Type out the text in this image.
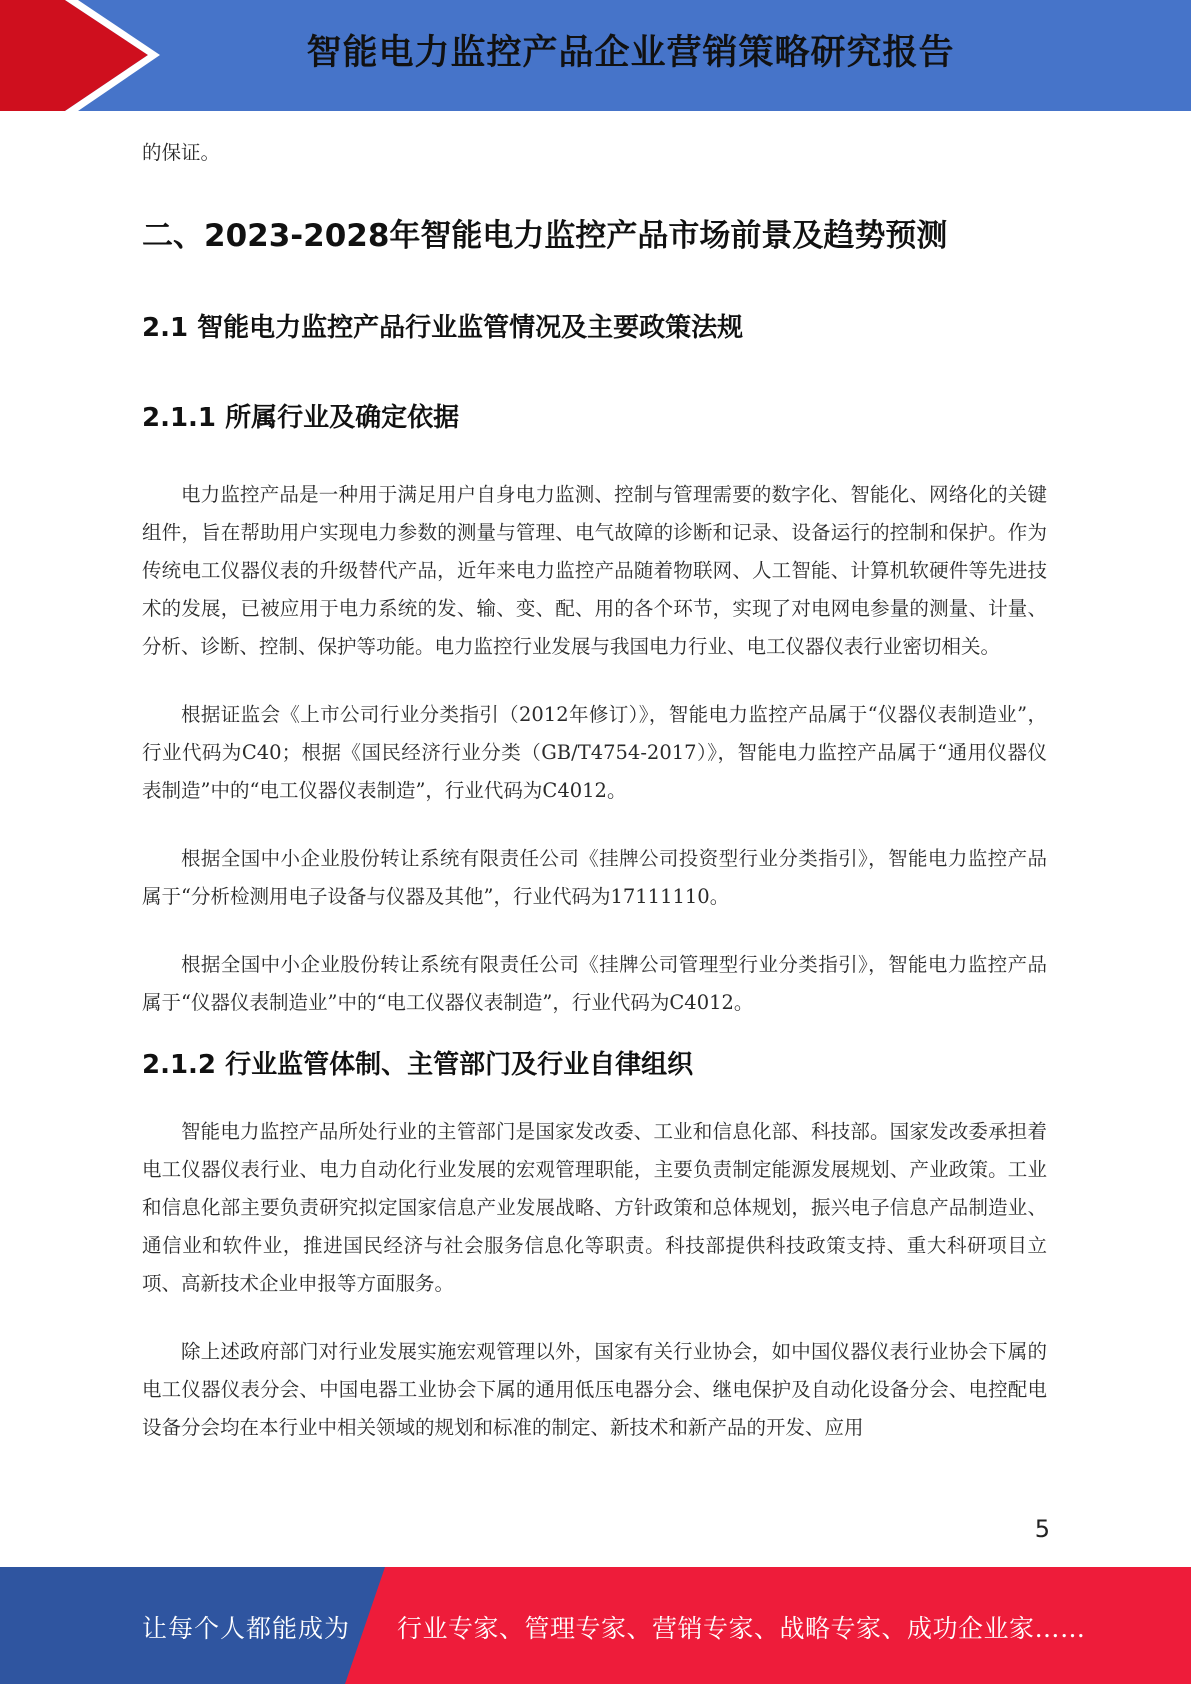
智能电力监控产品企业营销策略研究报告
的保证。
二、2023-2028年智能电力监控产品市场前景及趋势预测
2.1 智能电力监控产品行业监管情况及主要政策法规
2.1.1 所属行业及确定依据
电力监控产品是一种用于满足用户自身电力监测、控制与管理需要的数字化、智能化、网络化的关键组件，旨在帮助用户实现电力参数的测量与管理、电气故障的诊断和记录、设备运行的控制和保护。作为传统电工仪器仪表的升级替代产品，近年来电力监控产品随着物联网、人工智能、计算机软硬件等先进技术的发展，已被应用于电力系统的发、输、变、配、用的各个环节，实现了对电网电参量的测量、计量、分析、诊断、控制、保护等功能。电力监控行业发展与我国电力行业、电工仪器仪表行业密切相关。
根据证监会《上市公司行业分类指引（2012年修订）》，智能电力监控产品属于“仪器仪表制造业”，行业代码为C40；根据《国民经济行业分类（GB/T4754-2017）》，智能电力监控产品属于“通用仪器仪表制造”中的“电工仪器仪表制造”，行业代码为C4012。
根据全国中小企业股份转让系统有限责任公司《挂牌公司投资型行业分类指引》，智能电力监控产品属于“分析检测用电子设备与仪器及其他”，行业代码为17111110。
根据全国中小企业股份转让系统有限责任公司《挂牌公司管理型行业分类指引》，智能电力监控产品属于“仪器仪表制造业”中的“电工仪器仪表制造”，行业代码为C4012。
2.1.2 行业监管体制、主管部门及行业自律组织
智能电力监控产品所处行业的主管部门是国家发改委、工业和信息化部、科技部。国家发改委承担着电工仪器仪表行业、电力自动化行业发展的宏观管理职能，主要负责制定能源发展规划、产业政策。工业和信息化部主要负责研究拟定国家信息产业发展战略、方针政策和总体规划，振兴电子信息产品制造业、通信业和软件业，推进国民经济与社会服务信息化等职责。科技部提供科技政策支持、重大科研项目立项、高新技术企业申报等方面服务。
除上述政府部门对行业发展实施宏观管理以外，国家有关行业协会，如中国仪器仪表行业协会下属的电工仪器仪表分会、中国电器工业协会下属的通用低压电器分会、继电保护及自动化设备分会、电控配电设备分会均在本行业中相关领域的规划和标准的制定、新技术和新产品的开发、应用
5
让每个人都能成为 行业专家、管理专家、营销专家、战略专家、成功企业家……
